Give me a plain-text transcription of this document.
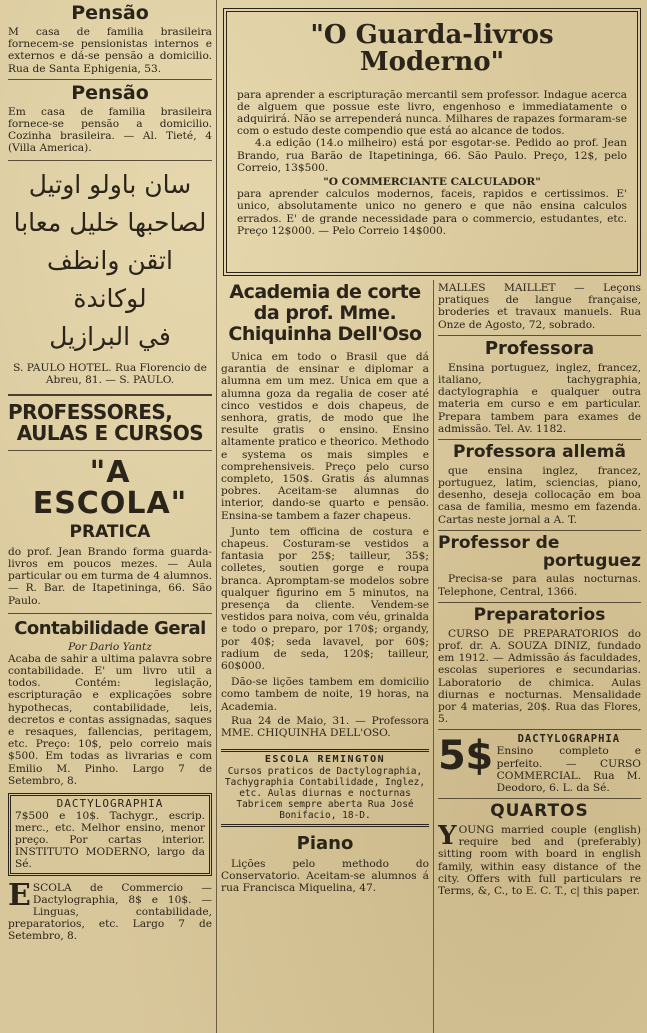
Pensão

M casa de familia brasileira fornecem-se pensionistas internos e externos e dá-se pensão a domicilio. Rua de Santa Ephigenia, 53.

Pensão

Em casa de familia brasileira fornece-se pensão a domicilio. Cozinha brasileira. — Al. Tieté, 4 (Villa America).

سان باولو اوتيل

لصاحبها خليل معابا

اتقن وانظف لوكاندة

في البرازيل

S. PAULO HOTEL. Rua Florencio de Abreu, 81. — S. PAULO.

PROFESSORES,

AULAS E CURSOS

"A ESCOLA"

PRATICA

do prof. Jean Brando forma guarda-livros em poucos mezes. — Aula particular ou em turma de 4 alumnos. — R. Bar. de Itapetininga, 66. São Paulo.

Contabilidade Geral

Por Dario Yantz

Acaba de sahir a ultima palavra sobre contabilidade. E' um livro util a todos. Contém: legislação, escripturação e explicações sobre hypothecas, contabilidade, leis, decretos e contas assignadas, saques e resaques, fallencias, peritagem, etc. Preço: 10$, pelo correio mais $500. Em todas as livrarias e com Emilio M. Pinho. Largo 7 de Setembro, 8.

DACTYLOGRAPHIA

7$500 e 10$. Tachygr., escrip. merc., etc. Melhor ensino, menor preço. Por cartas interior. INSTITUTO MODERNO, largo da Sé.

E SCOLA de Commercio — Dactylographia, 8$ e 10$. — Linguas, contabilidade, preparatorios, etc. Largo 7 de Setembro, 8.

"O Guarda-livros Moderno"

para aprender a escripturação mercantil sem professor. Indague acerca de alguem que possue este livro, engenhoso e immediatamente o adquirirá. Não se arrependerá nunca. Milhares de rapazes formaram-se com o estudo deste compendio que está ao alcance de todos.

4.a edição (14.o milheiro) está por esgotar-se. Pedido ao prof. Jean Brando, rua Barão de Itapetininga, 66. São Paulo. Preço, 12$, pelo Correio, 13$500.

"O COMMERCIANTE CALCULADOR"

para aprender calculos modernos, faceis, rapidos e certissimos. E' unico, absolutamente unico no genero e que não ensina calculos errados. E' de grande necessidade para o commercio, estudantes, etc. Preço 12$000. — Pelo Correio 14$000.

Academia de corte da prof. Mme. Chiquinha Dell'Oso

Unica em todo o Brasil que dá garantia de ensinar e diplomar a alumna em um mez. Unica em que a alumna goza da regalia de coser até cinco vestidos e dois chapeus, de senhora, gratis, de modo que lhe resulte gratis o ensino. Ensino altamente pratico e theorico. Methodo e systema os mais simples e comprehensiveis. Preço pelo curso completo, 150$. Gratis ás alumnas pobres. Aceitam-se alumnas do interior, dando-se quarto e pensão. Ensina-se tambem a fazer chapeus.

Junto tem officina de costura e chapeus. Costuram-se vestidos a fantasia por 25$; tailleur, 35$; colletes, soutien gorge e roupa branca. Apromptam-se modelos sobre qualquer figurino em 5 minutos, na presença da cliente. Vendem-se vestidos para noiva, com véu, grinalda e todo o preparo, por 170$; organdy, por 40$; seda lavavel, por 60$; radium de seda, 120$; tailleur, 60$000.

Dão-se lições tambem em domicilio como tambem de noite, 19 horas, na Academia.

Rua 24 de Maio, 31. — Professora MME. CHIQUINHA DELL'OSO.

ESCOLA REMINGTON

Cursos praticos de Dactylographia, Tachygraphia Contabilidade, Inglez, etc. Aulas diurnas e nocturnas Tabricem sempre aberta Rua José Bonifacio, 18-D.

Piano

Lições pelo methodo do Conservatorio. Aceitam-se alumnos á rua Francisca Miquelina, 47.

MALLES MAILLET — Leçons pratiques de langue française, broderies et travaux manuels. Rua Onze de Agosto, 72, sobrado.

Professora

Ensina portuguez, inglez, francez, italiano, tachygraphia, dactylographia e qualquer outra materia em curso e em particular. Prepara tambem para exames de admissão. Tel. Av. 1182.

Professora allemã

que ensina inglez, francez, portuguez, latim, sciencias, piano, desenho, deseja collocação em boa casa de familia, mesmo em fazenda. Cartas neste jornal a A. T.

Professor de

portuguez

Precisa-se para aulas nocturnas. Telephone, Central, 1366.

Preparatorios

CURSO DE PREPARATORIOS do prof. dr. A. SOUZA DINIZ, fundado em 1912. — Admissão ás faculdades, escolas superiores e secundarias. Laboratorio de chimica. Aulas diurnas e nocturnas. Mensalidade por 4 materias, 20$. Rua das Flores, 5.

5$	DACTYLOGRAPHIA

Ensino completo e perfeito. — CURSO COMMERCIAL. Rua M. Deodoro, 6. L. da Sé.

QUARTOS

Y OUNG married couple (english) require bed and (preferably) sitting room with board in english family, within easy distance of the city. Offers with full particulars re Terms, &, C., to E. C. T., c| this paper.
